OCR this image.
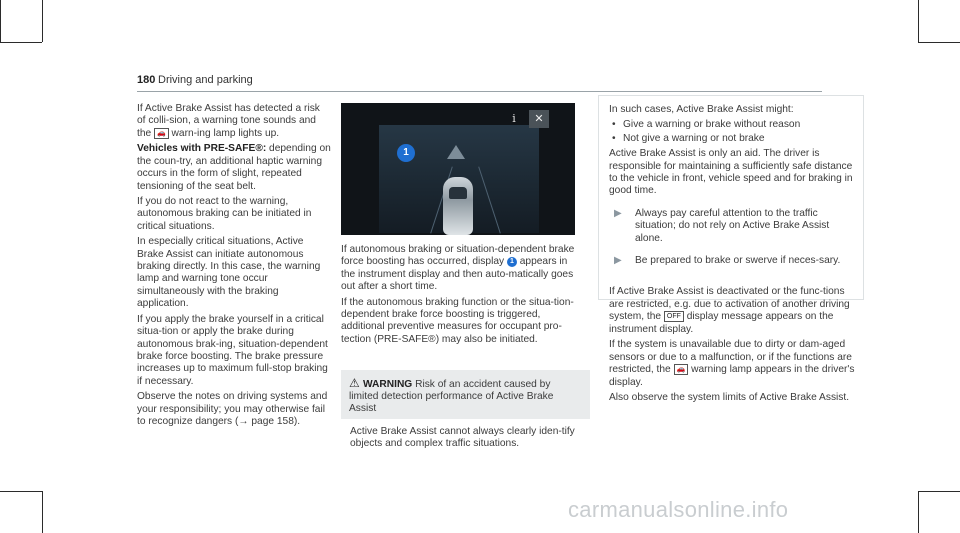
180 Driving and parking

If Active Brake Assist has detected a risk of colli-sion, a warning tone sounds and the 🚗 warn-ing lamp lights up.

Vehicles with PRE-SAFE®: depending on the coun-try, an additional haptic warning occurs in the form of slight, repeated tensioning of the seat belt.

If you do not react to the warning, autonomous braking can be initiated in critical situations.

In especially critical situations, Active Brake Assist can initiate autonomous braking directly. In this case, the warning lamp and warning tone occur simultaneously with the braking application.

If you apply the brake yourself in a critical situa-tion or apply the brake during autonomous brak-ing, situation-dependent brake force boosting. The brake pressure increases up to maximum full-stop braking if necessary.

Observe the notes on driving systems and your responsibility; you may otherwise fail to recognize dangers (→ page 158).

1
i	✕

If autonomous braking or situation-dependent brake force boosting has occurred, display 1 appears in the instrument display and then auto-matically goes out after a short time.

If the autonomous braking function or the situa-tion-dependent brake force boosting is triggered, additional preventive measures for occupant pro-tection (PRE-SAFE®) may also be initiated.

⚠ WARNING Risk of an accident caused by limited detection performance of Active Brake Assist
Active Brake Assist cannot always clearly iden-tify objects and complex traffic situations.

In such cases, Active Brake Assist might:

• Give a warning or brake without reason
• Not give a warning or not brake

Active Brake Assist is only an aid. The driver is responsible for maintaining a sufficiently safe distance to the vehicle in front, vehicle speed and for braking in good time.

▶ Always pay careful attention to the traffic situation; do not rely on Active Brake Assist alone.

▶ Be prepared to brake or swerve if neces-sary.

If Active Brake Assist is deactivated or the func-tions are restricted, e.g. due to activation of another driving system, the OFF display message appears on the instrument display.

If the system is unavailable due to dirty or dam-aged sensors or due to a malfunction, or if the functions are restricted, the 🚗 warning lamp appears in the driver's display.

Also observe the system limits of Active Brake Assist.

carmanualsonline.info
